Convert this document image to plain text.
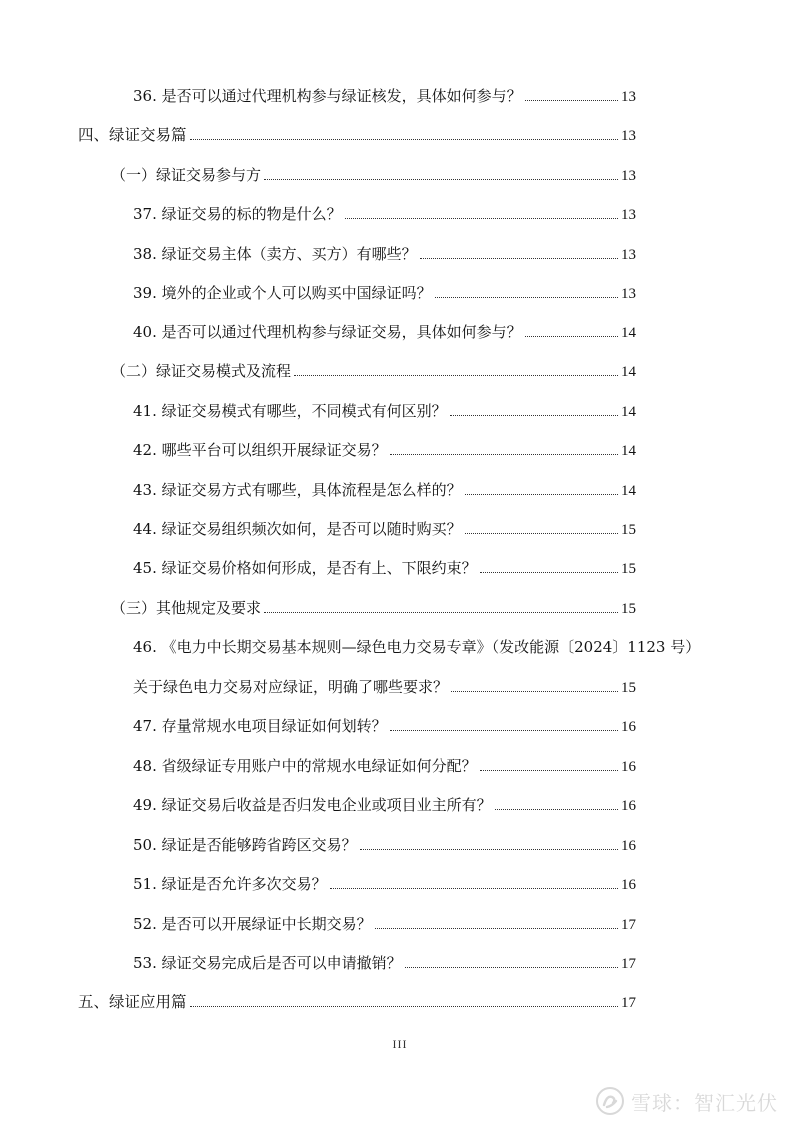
36. 是否可以通过代理机构参与绿证核发，具体如何参与？	13
四、绿证交易篇	13
（一）绿证交易参与方	13
37. 绿证交易的标的物是什么？	13
38. 绿证交易主体（卖方、买方）有哪些？	13
39. 境外的企业或个人可以购买中国绿证吗？	13
40. 是否可以通过代理机构参与绿证交易，具体如何参与？	14
（二）绿证交易模式及流程	14
41. 绿证交易模式有哪些，不同模式有何区别？	14
42. 哪些平台可以组织开展绿证交易？	14
43. 绿证交易方式有哪些，具体流程是怎么样的？	14
44. 绿证交易组织频次如何，是否可以随时购买？	15
45. 绿证交易价格如何形成，是否有上、下限约束？	15
（三）其他规定及要求	15
46. 《电力中长期交易基本规则—绿色电力交易专章》（发改能源〔2024〕1123 号）
关于绿色电力交易对应绿证，明确了哪些要求？	15
47. 存量常规水电项目绿证如何划转？	16
48. 省级绿证专用账户中的常规水电绿证如何分配？	16
49. 绿证交易后收益是否归发电企业或项目业主所有？	16
50. 绿证是否能够跨省跨区交易？	16
51. 绿证是否允许多次交易？	16
52. 是否可以开展绿证中长期交易？	17
53. 绿证交易完成后是否可以申请撤销？	17
五、绿证应用篇	17
III
雪球：智汇光伏
